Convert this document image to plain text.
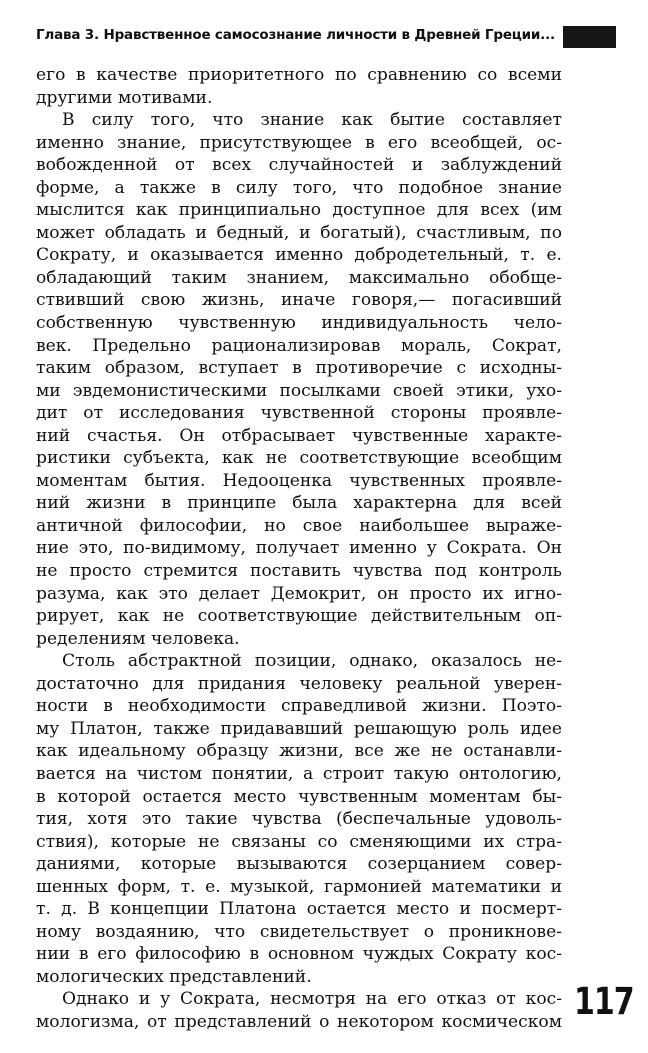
Глава 3. Нравственное самосознание личности в Древней Греции...
его в качестве приоритетного по сравнению со всеми
другими мотивами.
В силу того, что знание как бытие составляет
именно знание, присутствующее в его всеобщей, ос-
вобожденной от всех случайностей и заблуждений
форме, а также в силу того, что подобное знание
мыслится как принципиально доступное для всех (им
может обладать и бедный, и богатый), счастливым, по
Сократу, и оказывается именно добродетельный, т. е.
обладающий таким знанием, максимально обобще-
ствивший свою жизнь, иначе говоря,— погасивший
собственную чувственную индивидуальность чело-
век. Предельно рационализировав мораль, Сократ,
таким образом, вступает в противоречие с исходны-
ми эвдемонистическими посылками своей этики, ухо-
дит от исследования чувственной стороны проявле-
ний счастья. Он отбрасывает чувственные характе-
ристики субъекта, как не соответствующие всеобщим
моментам бытия. Недооценка чувственных проявле-
ний жизни в принципе была характерна для всей
античной философии, но свое наибольшее выраже-
ние это, по-видимому, получает именно у Сократа. Он
не просто стремится поставить чувства под контроль
разума, как это делает Демокрит, он просто их игно-
рирует, как не соответствующие действительным оп-
ределениям человека.
Столь абстрактной позиции, однако, оказалось не-
достаточно для придания человеку реальной уверен-
ности в необходимости справедливой жизни. Поэто-
му Платон, также придававший решающую роль идее
как идеальному образцу жизни, все же не останавли-
вается на чистом понятии, а строит такую онтологию,
в которой остается место чувственным моментам бы-
тия, хотя это такие чувства (беспечальные удоволь-
ствия), которые не связаны со сменяющими их стра-
даниями, которые вызываются созерцанием совер-
шенных форм, т. е. музыкой, гармонией математики и
т. д. В концепции Платона остается место и посмерт-
ному воздаянию, что свидетельствует о проникнове-
нии в его философию в основном чуждых Сократу кос-
мологических представлений.
Однако и у Сократа, несмотря на его отказ от кос-
мологизма, от представлений о некотором космическом 117
